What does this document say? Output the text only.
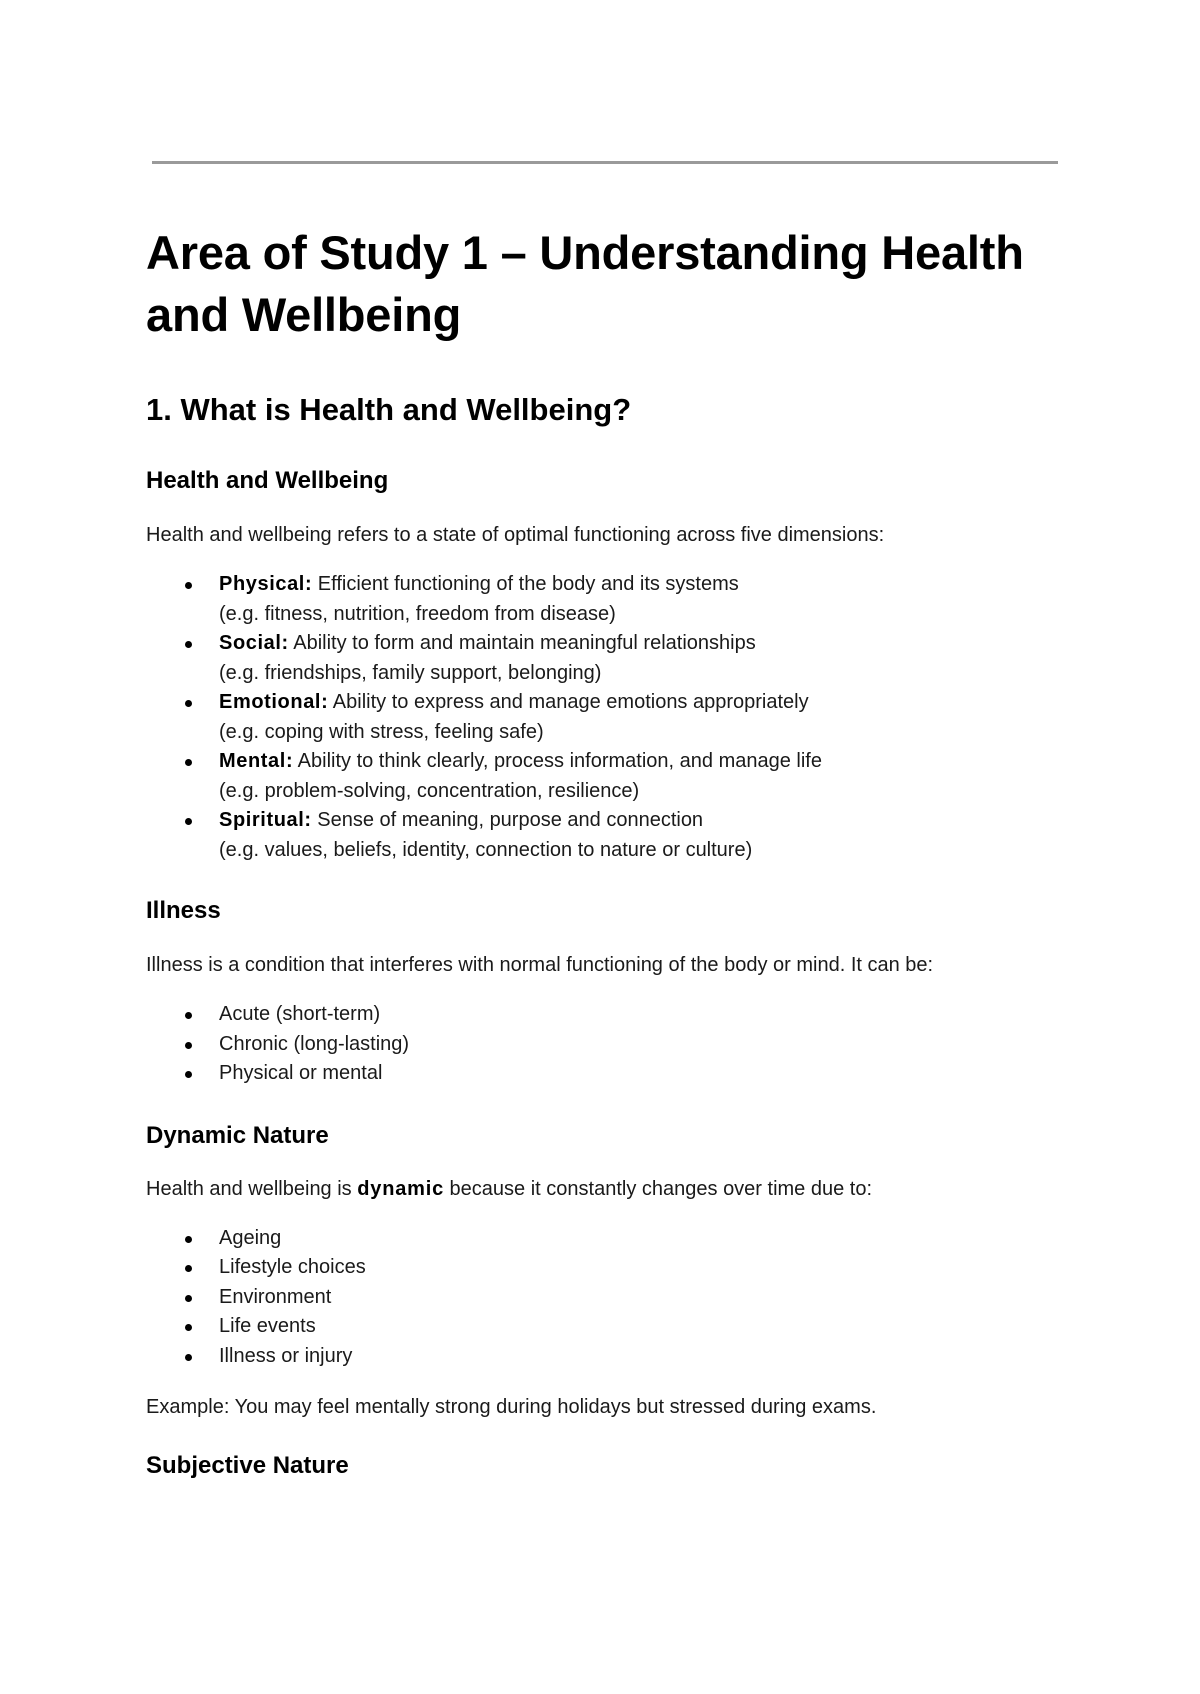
Area of Study 1 – Understanding Health and Wellbeing
1. What is Health and Wellbeing?
Health and Wellbeing

Health and wellbeing refers to a state of optimal functioning across five dimensions:

Physical: Efficient functioning of the body and its systems
(e.g. fitness, nutrition, freedom from disease)
Social: Ability to form and maintain meaningful relationships
(e.g. friendships, family support, belonging)
Emotional: Ability to express and manage emotions appropriately
(e.g. coping with stress, feeling safe)
Mental: Ability to think clearly, process information, and manage life
(e.g. problem-solving, concentration, resilience)
Spiritual: Sense of meaning, purpose and connection
(e.g. values, beliefs, identity, connection to nature or culture)
Illness

Illness is a condition that interferes with normal functioning of the body or mind. It can be:

Acute (short-term)
Chronic (long-lasting)
Physical or mental
Dynamic Nature

Health and wellbeing is dynamic because it constantly changes over time due to:

Ageing
Lifestyle choices
Environment
Life events
Illness or injury

Example: You may feel mentally strong during holidays but stressed during exams.

Subjective Nature
